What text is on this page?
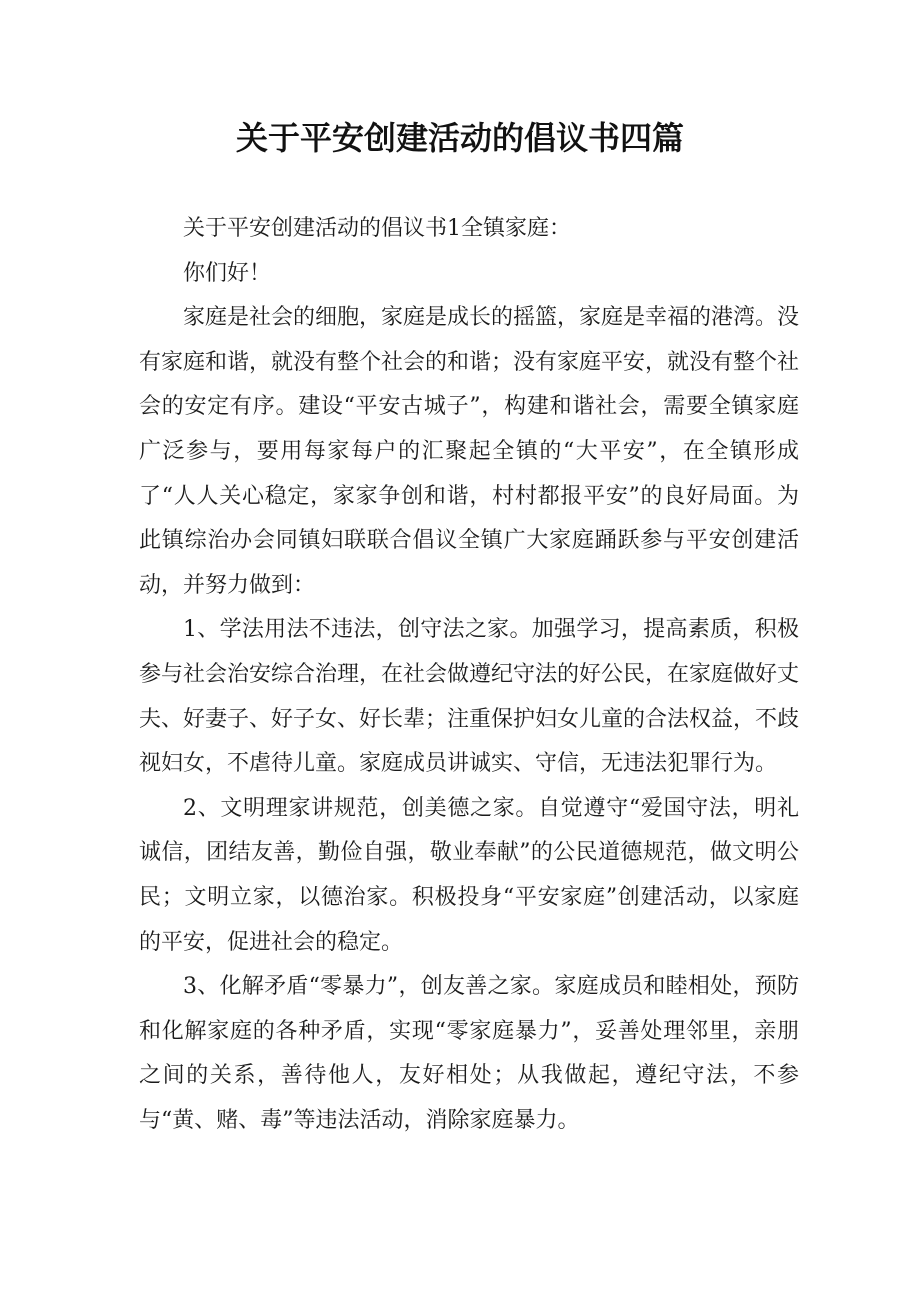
关于平安创建活动的倡议书四篇

关于平安创建活动的倡议书1全镇家庭：

你们好！

家庭是社会的细胞，家庭是成长的摇篮，家庭是幸福的港湾。没有家庭和谐，就没有整个社会的和谐；没有家庭平安，就没有整个社会的安定有序。建设“平安古城子”，构建和谐社会，需要全镇家庭广泛参与，要用每家每户的汇聚起全镇的“大平安”，在全镇形成了“人人关心稳定，家家争创和谐，村村都报平安”的良好局面。为此镇综治办会同镇妇联联合倡议全镇广大家庭踊跃参与平安创建活动，并努力做到：

1、学法用法不违法，创守法之家。加强学习，提高素质，积极参与社会治安综合治理，在社会做遵纪守法的好公民，在家庭做好丈夫、好妻子、好子女、好长辈；注重保护妇女儿童的合法权益，不歧视妇女，不虐待儿童。家庭成员讲诚实、守信，无违法犯罪行为。

2、文明理家讲规范，创美德之家。自觉遵守“爱国守法，明礼诚信，团结友善，勤俭自强，敬业奉献”的公民道德规范，做文明公民；文明立家，以德治家。积极投身“平安家庭”创建活动，以家庭的平安，促进社会的稳定。

3、化解矛盾“零暴力”，创友善之家。家庭成员和睦相处，预防和化解家庭的各种矛盾，实现“零家庭暴力”，妥善处理邻里，亲朋之间的关系，善待他人，友好相处；从我做起，遵纪守法，不参与“黄、赌、毒”等违法活动，消除家庭暴力。
